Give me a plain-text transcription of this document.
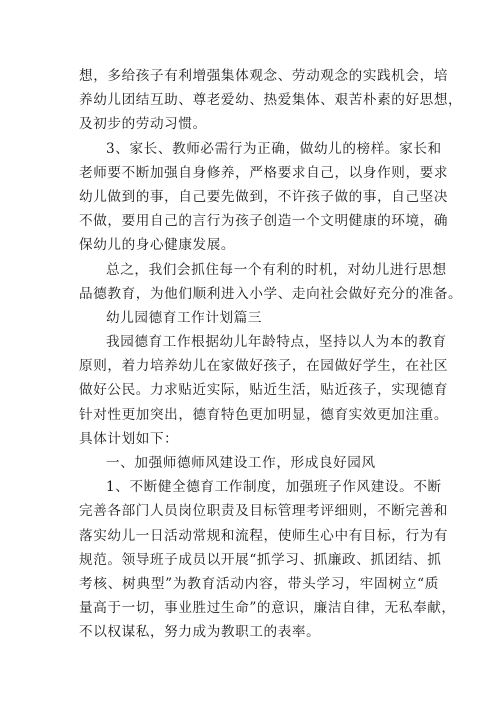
想，多给孩子有利增强集体观念、劳动观念的实践机会，培
养幼儿团结互助、尊老爱幼、热爱集体、艰苦朴素的好思想，
及初步的劳动习惯。
3、家长、教师必需行为正确，做幼儿的榜样。家长和
老师要不断加强自身修养，严格要求自己，以身作则，要求
幼儿做到的事，自己要先做到，不许孩子做的事，自己坚决
不做，要用自己的言行为孩子创造一个文明健康的环境，确
保幼儿的身心健康发展。
总之，我们会抓住每一个有利的时机，对幼儿进行思想
品德教育，为他们顺利进入小学、走向社会做好充分的准备。
幼儿园德育工作计划篇三
我园德育工作根据幼儿年龄特点，坚持以人为本的教育
原则，着力培养幼儿在家做好孩子，在园做好学生，在社区
做好公民。力求贴近实际，贴近生活，贴近孩子，实现德育
针对性更加突出，德育特色更加明显，德育实效更加注重。
具体计划如下：
一、加强师德师风建设工作，形成良好园风
1、不断健全德育工作制度，加强班子作风建设。不断
完善各部门人员岗位职责及目标管理考评细则，不断完善和
落实幼儿一日活动常规和流程，使师生心中有目标，行为有
规范。领导班子成员以开展“抓学习、抓廉政、抓团结、抓
考核、树典型”为教育活动内容，带头学习，牢固树立“质
量高于一切，事业胜过生命”的意识，廉洁自律，无私奉献，
不以权谋私，努力成为教职工的表率。
